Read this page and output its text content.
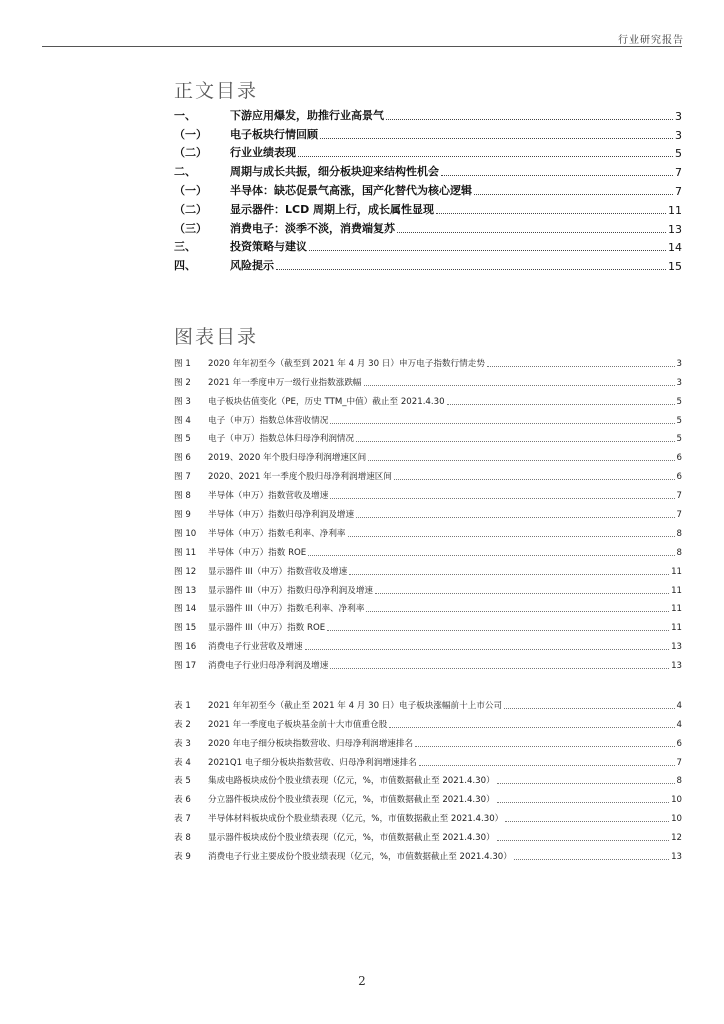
行业研究报告
正文目录
一、	下游应用爆发，助推行业高景气	3
（一）	电子板块行情回顾	3
（二）	行业业绩表现	5
二、	周期与成长共振，细分板块迎来结构性机会	7
（一）	半导体：缺芯促景气高涨，国产化替代为核心逻辑	7
（二）	显示器件：LCD 周期上行，成长属性显现	11
（三）	消费电子：淡季不淡，消费端复苏	13
三、	投资策略与建议	14
四、	风险提示	15
图表目录
图 1	2020 年年初至今（截至到 2021 年 4 月 30 日）申万电子指数行情走势	3
图 2	2021 年一季度申万一级行业指数涨跌幅	3
图 3	电子板块估值变化（PE，历史 TTM_中值）截止至 2021.4.30	5
图 4	电子（申万）指数总体营收情况	5
图 5	电子（申万）指数总体归母净利润情况	5
图 6	2019、2020 年个股归母净利润增速区间	6
图 7	2020、2021 年一季度个股归母净利润增速区间	6
图 8	半导体（申万）指数营收及增速	7
图 9	半导体（申万）指数归母净利润及增速	7
图 10	半导体（申万）指数毛利率、净利率	8
图 11	半导体（申万）指数 ROE	8
图 12	显示器件 III（申万）指数营收及增速	11
图 13	显示器件 III（申万）指数归母净利润及增速	11
图 14	显示器件 III（申万）指数毛利率、净利率	11
图 15	显示器件 III（申万）指数 ROE	11
图 16	消费电子行业营收及增速	13
图 17	消费电子行业归母净利润及增速	13
表 1	2021 年年初至今（截止至 2021 年 4 月 30 日）电子板块涨幅前十上市公司	4
表 2	2021 年一季度电子板块基金前十大市值重仓股	4
表 3	2020 年电子细分板块指数营收、归母净利润增速排名	6
表 4	2021Q1 电子细分板块指数营收、归母净利润增速排名	7
表 5	集成电路板块成份个股业绩表现（亿元，%，市值数据截止至 2021.4.30）	8
表 6	分立器件板块成份个股业绩表现（亿元，%，市值数据截止至 2021.4.30）	10
表 7	半导体材料板块成份个股业绩表现（亿元，%，市值数据截止至 2021.4.30）	10
表 8	显示器件板块成份个股业绩表现（亿元，%，市值数据截止至 2021.4.30）	12
表 9	消费电子行业主要成份个股业绩表现（亿元，%，市值数据截止至 2021.4.30）	13
2
